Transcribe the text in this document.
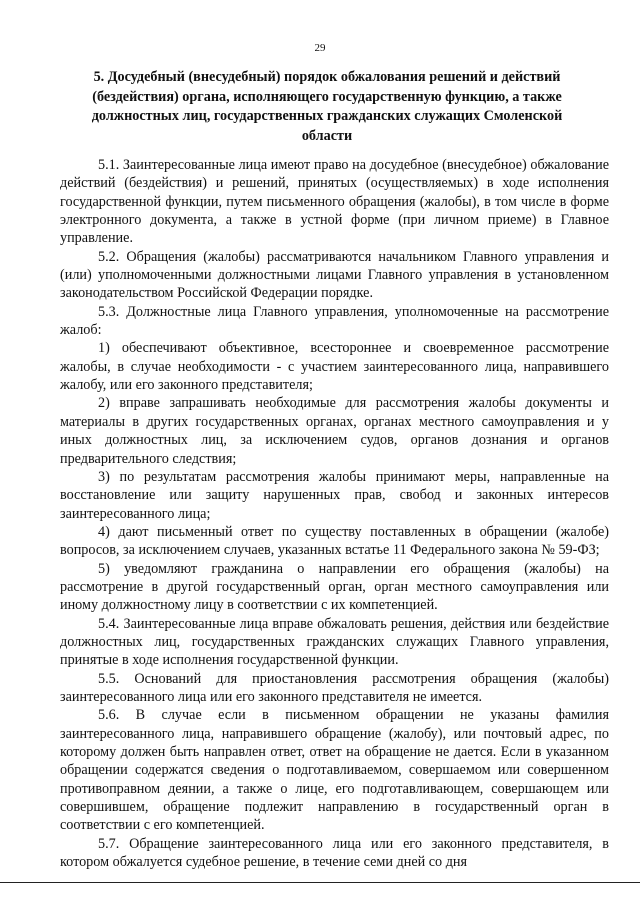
29
5. Досудебный (внесудебный) порядок обжалования решений и действий (бездействия) органа, исполняющего государственную функцию, а также должностных лиц, государственных гражданских служащих Смоленской области

5.1. Заинтересованные лица имеют право на досудебное (внесудебное) обжалование действий (бездействия) и решений, принятых (осуществляемых) в ходе исполнения государственной функции, путем письменного обращения (жалобы), в том числе в форме электронного документа, а также в устной форме (при личном приеме) в Главное управление.

5.2. Обращения (жалобы) рассматриваются начальником Главного управления и (или) уполномоченными должностными лицами Главного управления в установленном законодательством Российской Федерации порядке.

5.3. Должностные лица Главного управления, уполномоченные на рассмотрение жалоб:

1) обеспечивают объективное, всестороннее и своевременное рассмотрение жалобы, в случае необходимости - с участием заинтересованного лица, направившего жалобу, или его законного представителя;

2) вправе запрашивать необходимые для рассмотрения жалобы документы и материалы в других государственных органах, органах местного самоуправления и у иных должностных лиц, за исключением судов, органов дознания и органов предварительного следствия;

3) по результатам рассмотрения жалобы принимают меры, направленные на восстановление или защиту нарушенных прав, свобод и законных интересов заинтересованного лица;

4) дают письменный ответ по существу поставленных в обращении (жалобе) вопросов, за исключением случаев, указанных встатье 11 Федерального закона № 59-ФЗ;

5) уведомляют гражданина о направлении его обращения (жалобы) на рассмотрение в другой государственный орган, орган местного самоуправления или иному должностному лицу в соответствии с их компетенцией.

5.4. Заинтересованные лица вправе обжаловать решения, действия или бездействие должностных лиц, государственных гражданских служащих Главного управления, принятые в ходе исполнения государственной функции.

5.5. Оснований для приостановления рассмотрения обращения (жалобы) заинтересованного лица или его законного представителя не имеется.

5.6. В случае если в письменном обращении не указаны фамилия заинтересованного лица, направившего обращение (жалобу), или почтовый адрес, по которому должен быть направлен ответ, ответ на обращение не дается. Если в указанном обращении содержатся сведения о подготавливаемом, совершаемом или совершенном противоправном деянии, а также о лице, его подготавливающем, совершающем или совершившем, обращение подлежит направлению в государственный орган в соответствии с его компетенцией.

5.7. Обращение заинтересованного лица или его законного представителя, в котором обжалуется судебное решение, в течение семи дней со дня
